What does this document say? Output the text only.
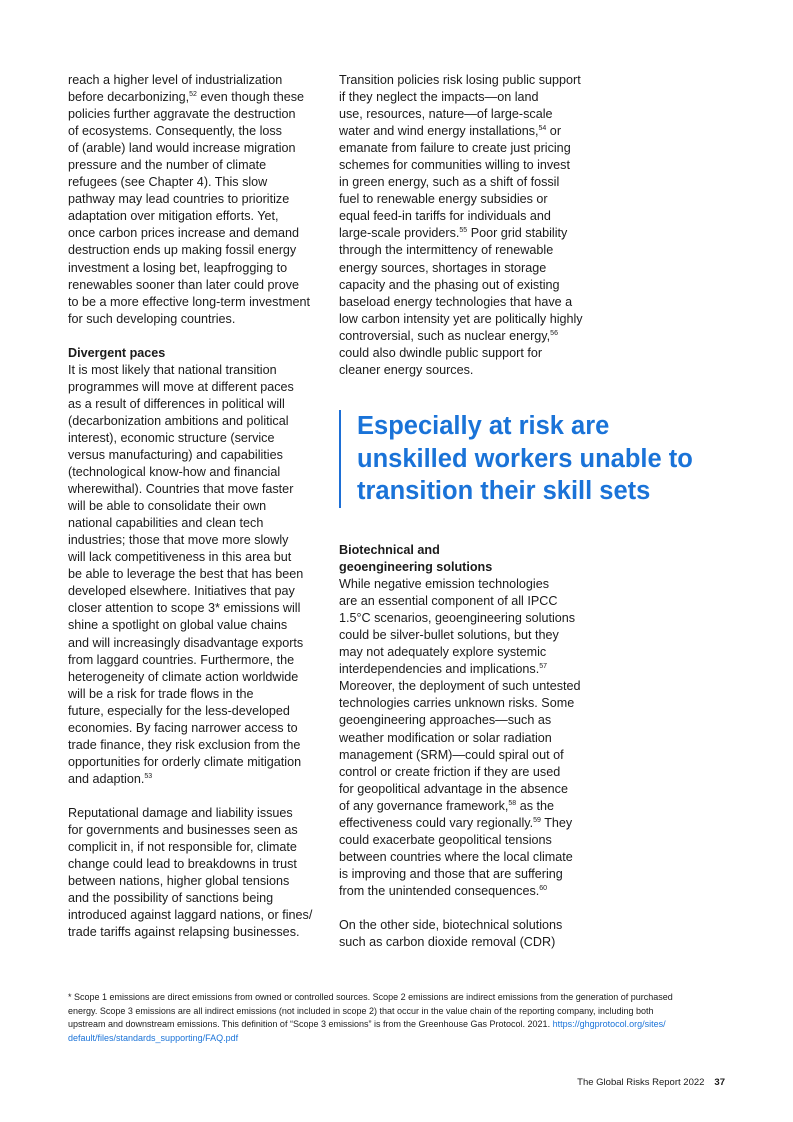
reach a higher level of industrialization
before decarbonizing,$^{52}$ even though these
policies further aggravate the destruction
of ecosystems. Consequently, the loss
of (arable) land would increase migration
pressure and the number of climate
refugees (see Chapter 4). This slow
pathway may lead countries to prioritize
adaptation over mitigation efforts. Yet,
once carbon prices increase and demand
destruction ends up making fossil energy
investment a losing bet, leapfrogging to
renewables sooner than later could prove
to be a more effective long-term investment
for such developing countries.
Divergent paces
It is most likely that national transition
programmes will move at different paces
as a result of differences in political will
(decarbonization ambitions and political
interest), economic structure (service
versus manufacturing) and capabilities
(technological know-how and financial
wherewithal). Countries that move faster
will be able to consolidate their own
national capabilities and clean tech
industries; those that move more slowly
will lack competitiveness in this area but
be able to leverage the best that has been
developed elsewhere. Initiatives that pay
closer attention to scope 3* emissions will
shine a spotlight on global value chains
and will increasingly disadvantage exports
from laggard countries. Furthermore, the
heterogeneity of climate action worldwide
will be a risk for trade flows in the
future, especially for the less-developed
economies. By facing narrower access to
trade finance, they risk exclusion from the
opportunities for orderly climate mitigation
and adaption.$^{53}$
Reputational damage and liability issues
for governments and businesses seen as
complicit in, if not responsible for, climate
change could lead to breakdowns in trust
between nations, higher global tensions
and the possibility of sanctions being
introduced against laggard nations, or fines/
trade tariffs against relapsing businesses.
Transition policies risk losing public support
if they neglect the impacts—on land
use, resources, nature—of large-scale
water and wind energy installations,$^{54}$ or
emanate from failure to create just pricing
schemes for communities willing to invest
in green energy, such as a shift of fossil
fuel to renewable energy subsidies or
equal feed-in tariffs for individuals and
large-scale providers.$^{55}$ Poor grid stability
through the intermittency of renewable
energy sources, shortages in storage
capacity and the phasing out of existing
baseload energy technologies that have a
low carbon intensity yet are politically highly
controversial, such as nuclear energy,$^{56}$
could also dwindle public support for
cleaner energy sources.
Especially at risk are
unskilled workers unable to
transition their skill sets
Biotechnical and
geoengineering solutions
While negative emission technologies
are an essential component of all IPCC
1.5°C scenarios, geoengineering solutions
could be silver-bullet solutions, but they
may not adequately explore systemic
interdependencies and implications.$^{57}$
Moreover, the deployment of such untested
technologies carries unknown risks. Some
geoengineering approaches—such as
weather modification or solar radiation
management (SRM)—could spiral out of
control or create friction if they are used
for geopolitical advantage in the absence
of any governance framework,$^{58}$ as the
effectiveness could vary regionally.$^{59}$ They
could exacerbate geopolitical tensions
between countries where the local climate
is improving and those that are suffering
from the unintended consequences.$^{60}$
On the other side, biotechnical solutions
such as carbon dioxide removal (CDR)
* Scope 1 emissions are direct emissions from owned or controlled sources. Scope 2 emissions are indirect emissions from the generation of purchased
energy. Scope 3 emissions are all indirect emissions (not included in scope 2) that occur in the value chain of the reporting company, including both
upstream and downstream emissions. This definition of “Scope 3 emissions” is from the Greenhouse Gas Protocol. 2021. https://ghgprotocol.org/sites/
default/files/standards_supporting/FAQ.pdf
The Global Risks Report 2022 37
